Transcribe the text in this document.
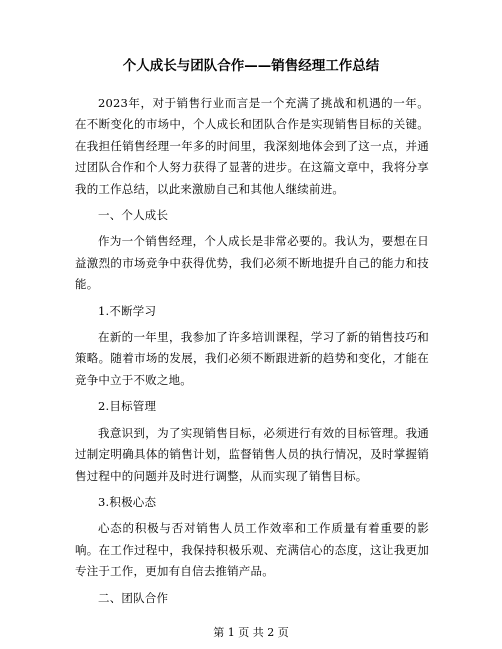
个人成长与团队合作——销售经理工作总结

2023年，对于销售行业而言是一个充满了挑战和机遇的一年。在不断变化的市场中，个人成长和团队合作是实现销售目标的关键。在我担任销售经理一年多的时间里，我深刻地体会到了这一点，并通过团队合作和个人努力获得了显著的进步。在这篇文章中，我将分享我的工作总结，以此来激励自己和其他人继续前进。

一、个人成长

作为一个销售经理，个人成长是非常必要的。我认为，要想在日益激烈的市场竞争中获得优势，我们必须不断地提升自己的能力和技能。

1.不断学习

在新的一年里，我参加了许多培训课程，学习了新的销售技巧和策略。随着市场的发展，我们必须不断跟进新的趋势和变化，才能在竞争中立于不败之地。

2.目标管理

我意识到，为了实现销售目标，必须进行有效的目标管理。我通过制定明确具体的销售计划，监督销售人员的执行情况，及时掌握销售过程中的问题并及时进行调整，从而实现了销售目标。

3.积极心态

心态的积极与否对销售人员工作效率和工作质量有着重要的影响。在工作过程中，我保持积极乐观、充满信心的态度，这让我更加专注于工作，更加有自信去推销产品。

二、团队合作

第 1 页 共 2 页
